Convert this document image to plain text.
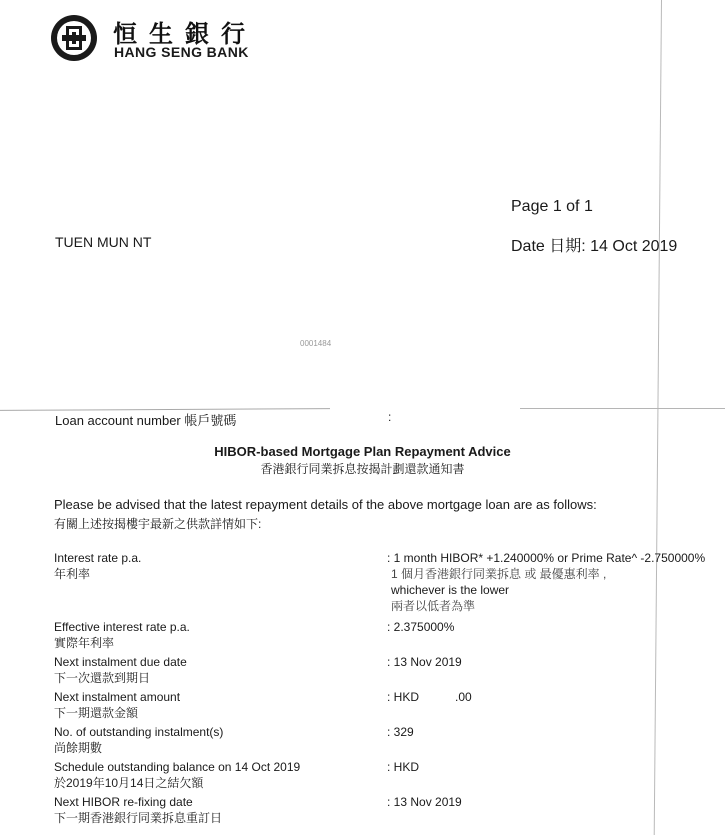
恒生銀行
HANG SENG BANK
Page 1 of 1
Date 日期: 14 Oct 2019
TUEN MUN NT
0001484
Loan account number 帳戶號碼	:
HIBOR-based Mortgage Plan Repayment Advice
香港銀行同業拆息按揭計劃還款通知書
Please be advised that the latest repayment details of the above mortgage loan are as follows:
有關上述按揭樓宇最新之供款詳情如下:
Interest rate p.a.
年利率
: 1 month HIBOR* +1.240000% or Prime Rate^ -2.750000%
1 個月香港銀行同業拆息 或 最優惠利率 ,
whichever is the lower
兩者以低者為準
Effective interest rate p.a.
實際年利率
: 2.375000%
Next instalment due date
下一次還款到期日
: 13 Nov 2019
Next instalment amount
下一期還款金額
: HKD	.00
No. of outstanding instalment(s)
尚餘期數
: 329
Schedule outstanding balance on 14 Oct 2019
於2019年10月14日之結欠額
: HKD
Next HIBOR re-fixing date
下一期香港銀行同業拆息重訂日
: 13 Nov 2019
